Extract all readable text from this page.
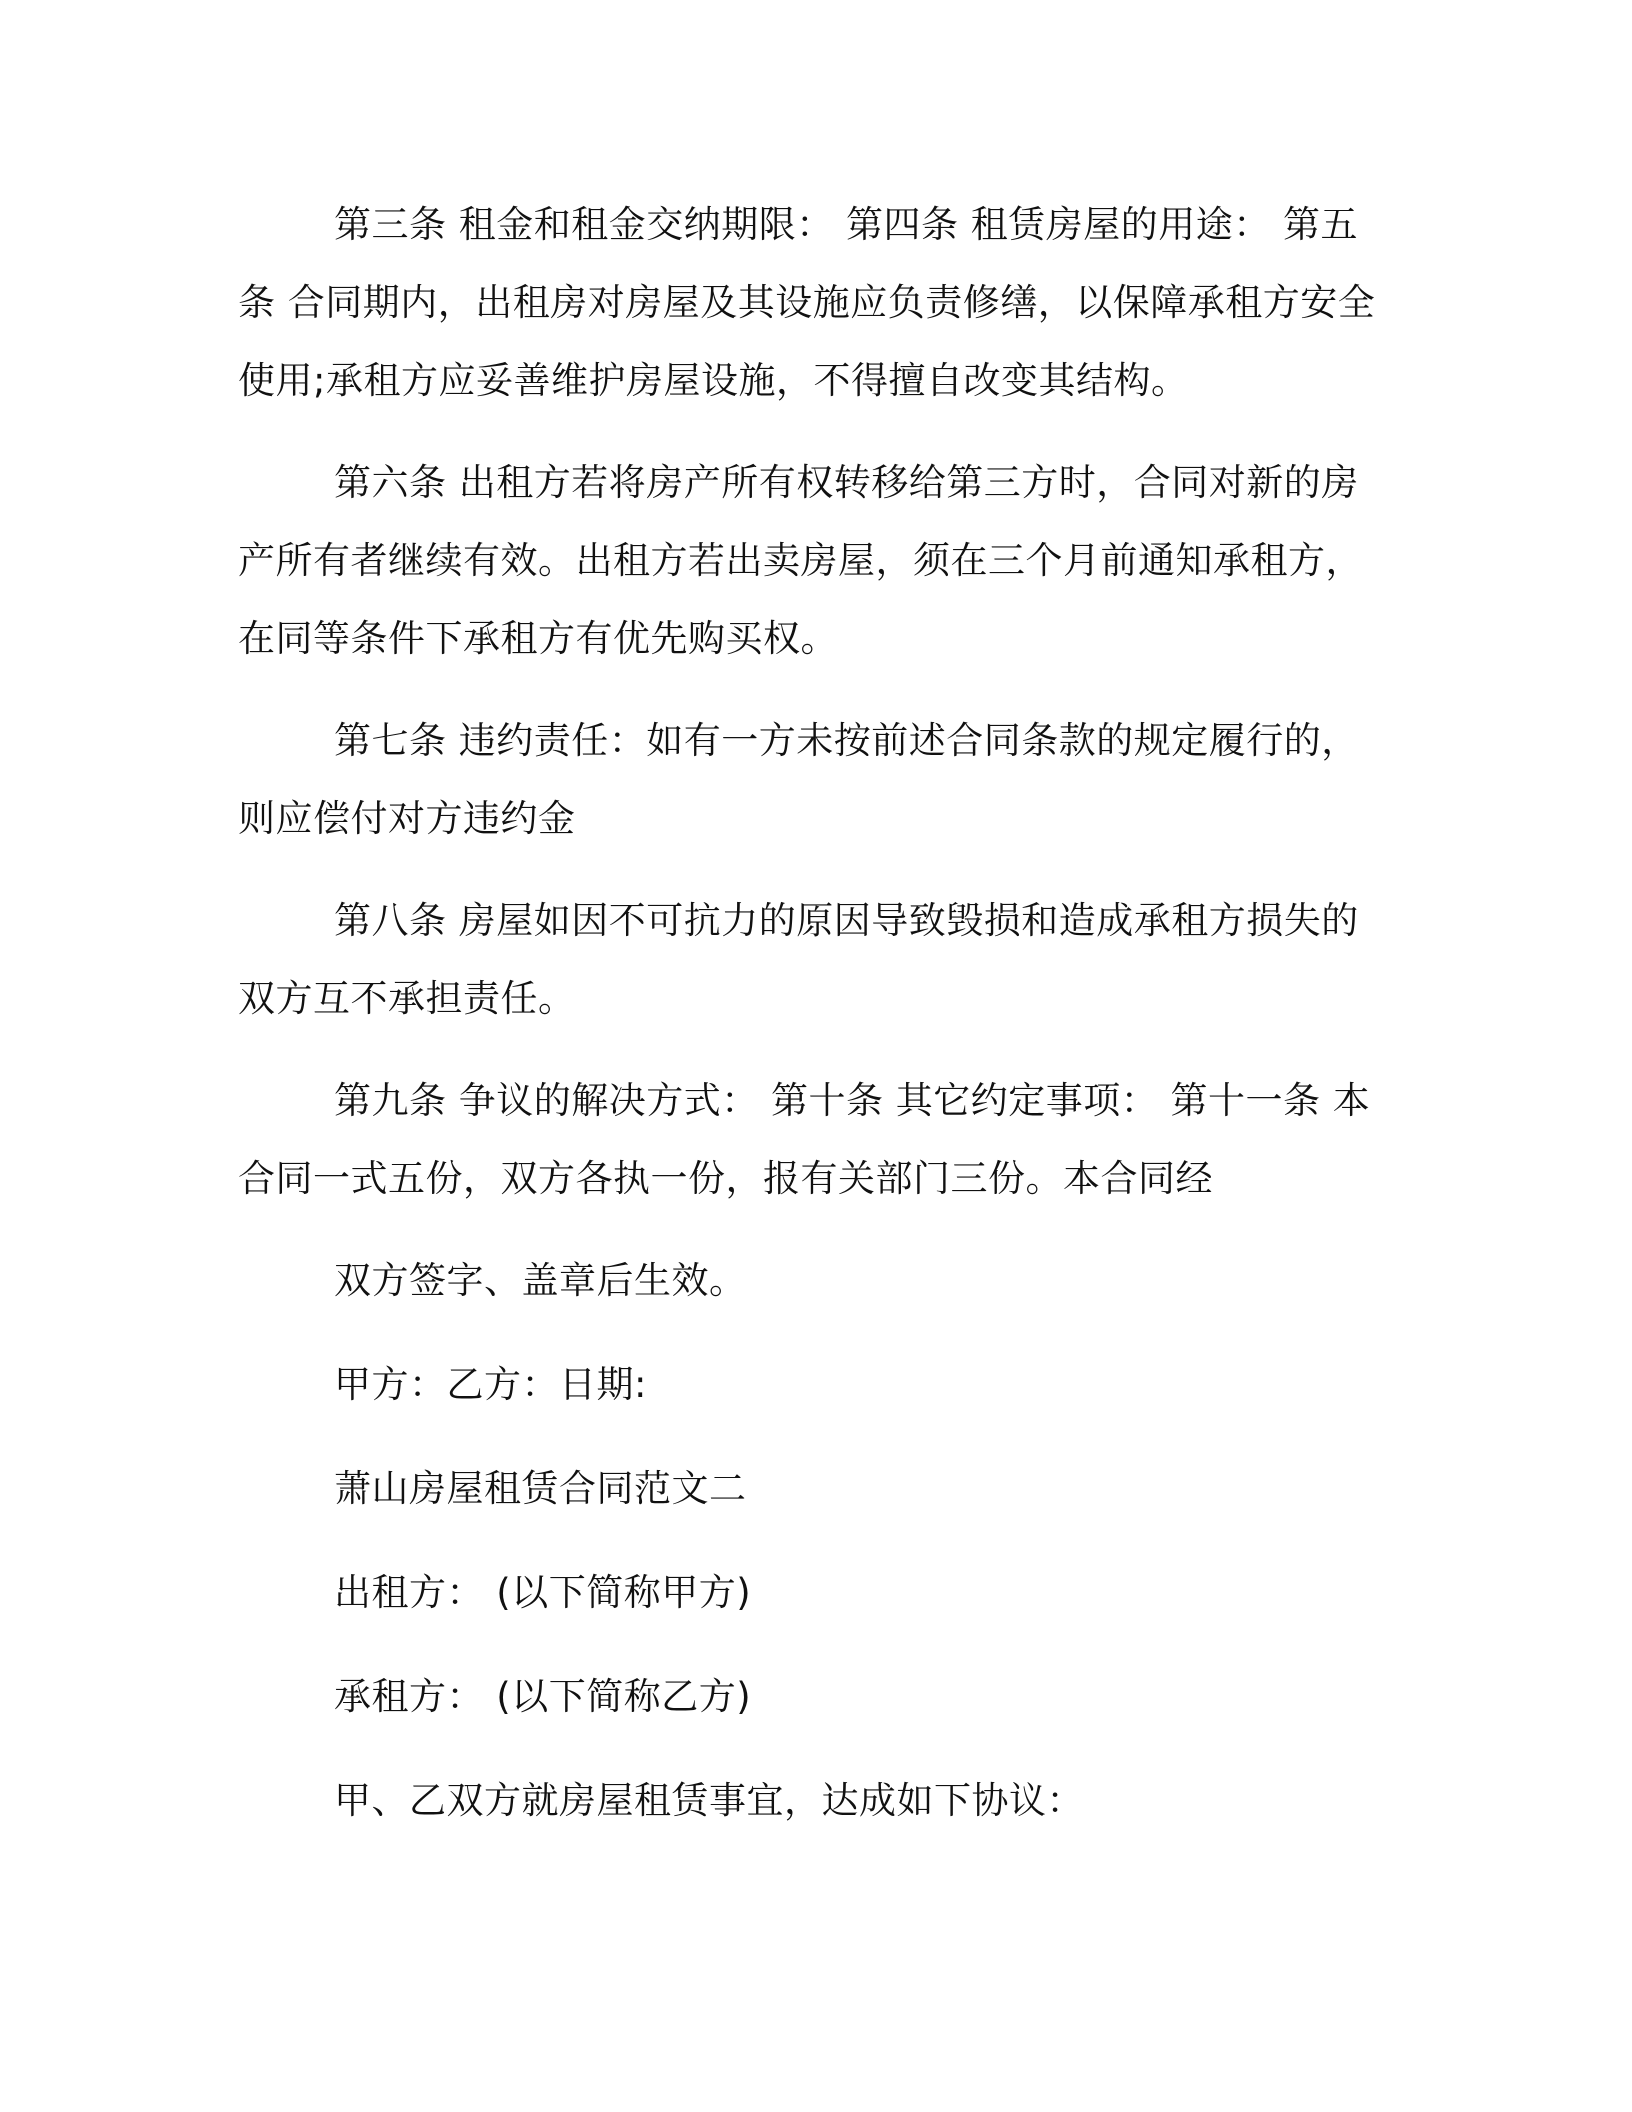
第三条 租金和租金交纳期限： 第四条 租赁房屋的用途： 第五条 合同期内，出租房对房屋及其设施应负责修缮，以保障承租方安全使用;承租方应妥善维护房屋设施，不得擅自改变其结构。

第六条 出租方若将房产所有权转移给第三方时，合同对新的房产所有者继续有效。出租方若出卖房屋，须在三个月前通知承租方，在同等条件下承租方有优先购买权。

第七条 违约责任：如有一方未按前述合同条款的规定履行的，则应偿付对方违约金

第八条 房屋如因不可抗力的原因导致毁损和造成承租方损失的双方互不承担责任。

第九条 争议的解决方式： 第十条 其它约定事项： 第十一条 本合同一式五份，双方各执一份，报有关部门三份。本合同经

双方签字、盖章后生效。

甲方：乙方：日期:

萧山房屋租赁合同范文二

出租方： (以下简称甲方)

承租方： (以下简称乙方)

甲、乙双方就房屋租赁事宜，达成如下协议：
